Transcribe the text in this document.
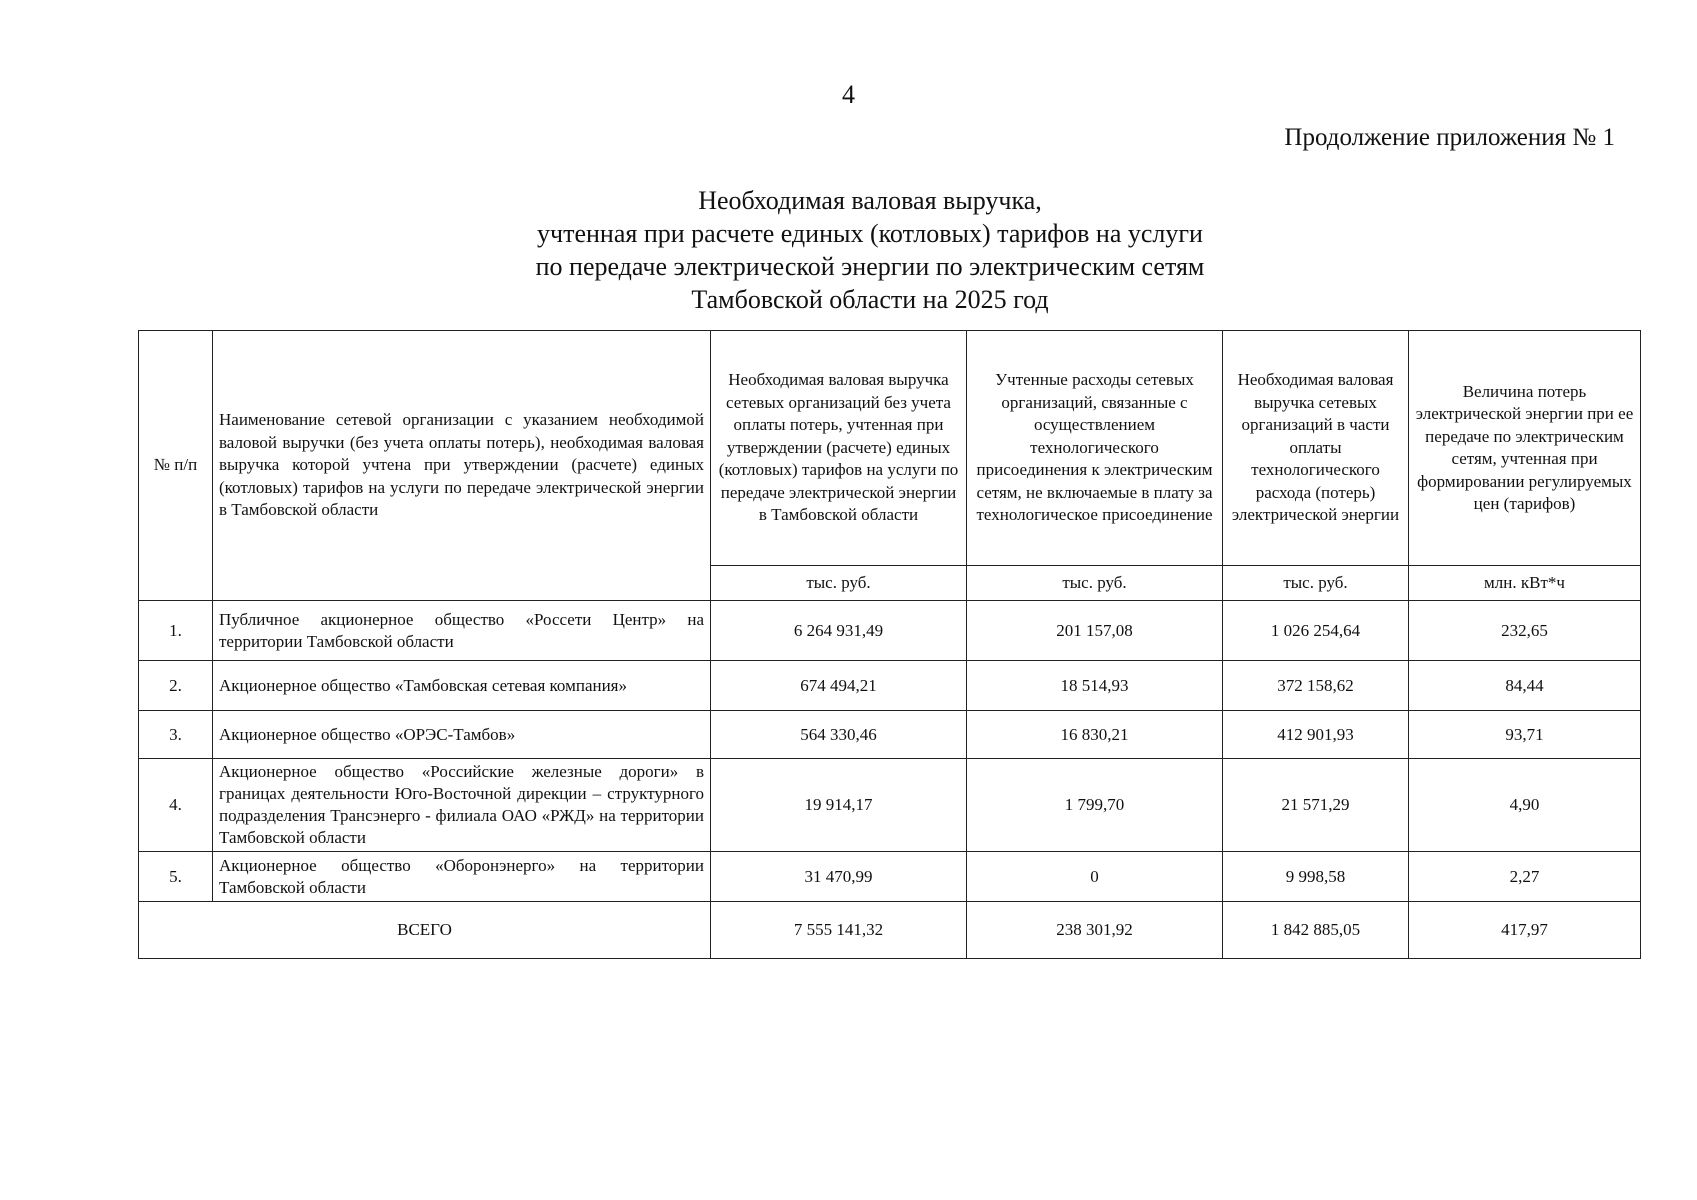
4
Продолжение приложения № 1
Необходимая валовая выручка,
учтенная при расчете единых (котловых) тарифов на услуги
по передаче электрической энергии по электрическим сетям
Тамбовской области на 2025 год
№ п/п	Наименование сетевой организации с указанием необходимой валовой выручки (без учета оплаты потерь), необходимая валовая выручка которой учтена при утверждении (расчете) единых (котловых) тарифов на услуги по передаче электрической энергии в Тамбовской области	Необходимая валовая выручка сетевых организаций без учета оплаты потерь, учтенная при утверждении (расчете) единых (котловых) тарифов на услуги по передаче электрической энергии в Тамбовской области	Учтенные расходы сетевых организаций, связанные с осуществлением технологического присоединения к электрическим сетям, не включаемые в плату за технологическое присоединение	Необходимая валовая выручка сетевых организаций в части оплаты технологического расхода (потерь) электрической энергии	Величина потерь электрической энергии при ее передаче по электрическим сетям, учтенная при формировании регулируемых цен (тарифов)
		тыс. руб.	тыс. руб.	тыс. руб.	млн. кВт*ч
1.	Публичное акционерное общество «Россети Центр» на территории Тамбовской области	6 264 931,49	201 157,08	1 026 254,64	232,65
2.	Акционерное общество «Тамбовская сетевая компания»	674 494,21	18 514,93	372 158,62	84,44
3.	Акционерное общество «ОРЭС-Тамбов»	564 330,46	16 830,21	412 901,93	93,71
4.	Акционерное общество «Российские железные дороги» в границах деятельности Юго-Восточной дирекции – структурного подразделения Трансэнерго - филиала ОАО «РЖД» на территории Тамбовской области	19 914,17	1 799,70	21 571,29	4,90
5.	Акционерное общество «Оборонэнерго» на территории Тамбовской области	31 470,99	0	9 998,58	2,27
ВСЕГО		7 555 141,32	238 301,92	1 842 885,05	417,97
